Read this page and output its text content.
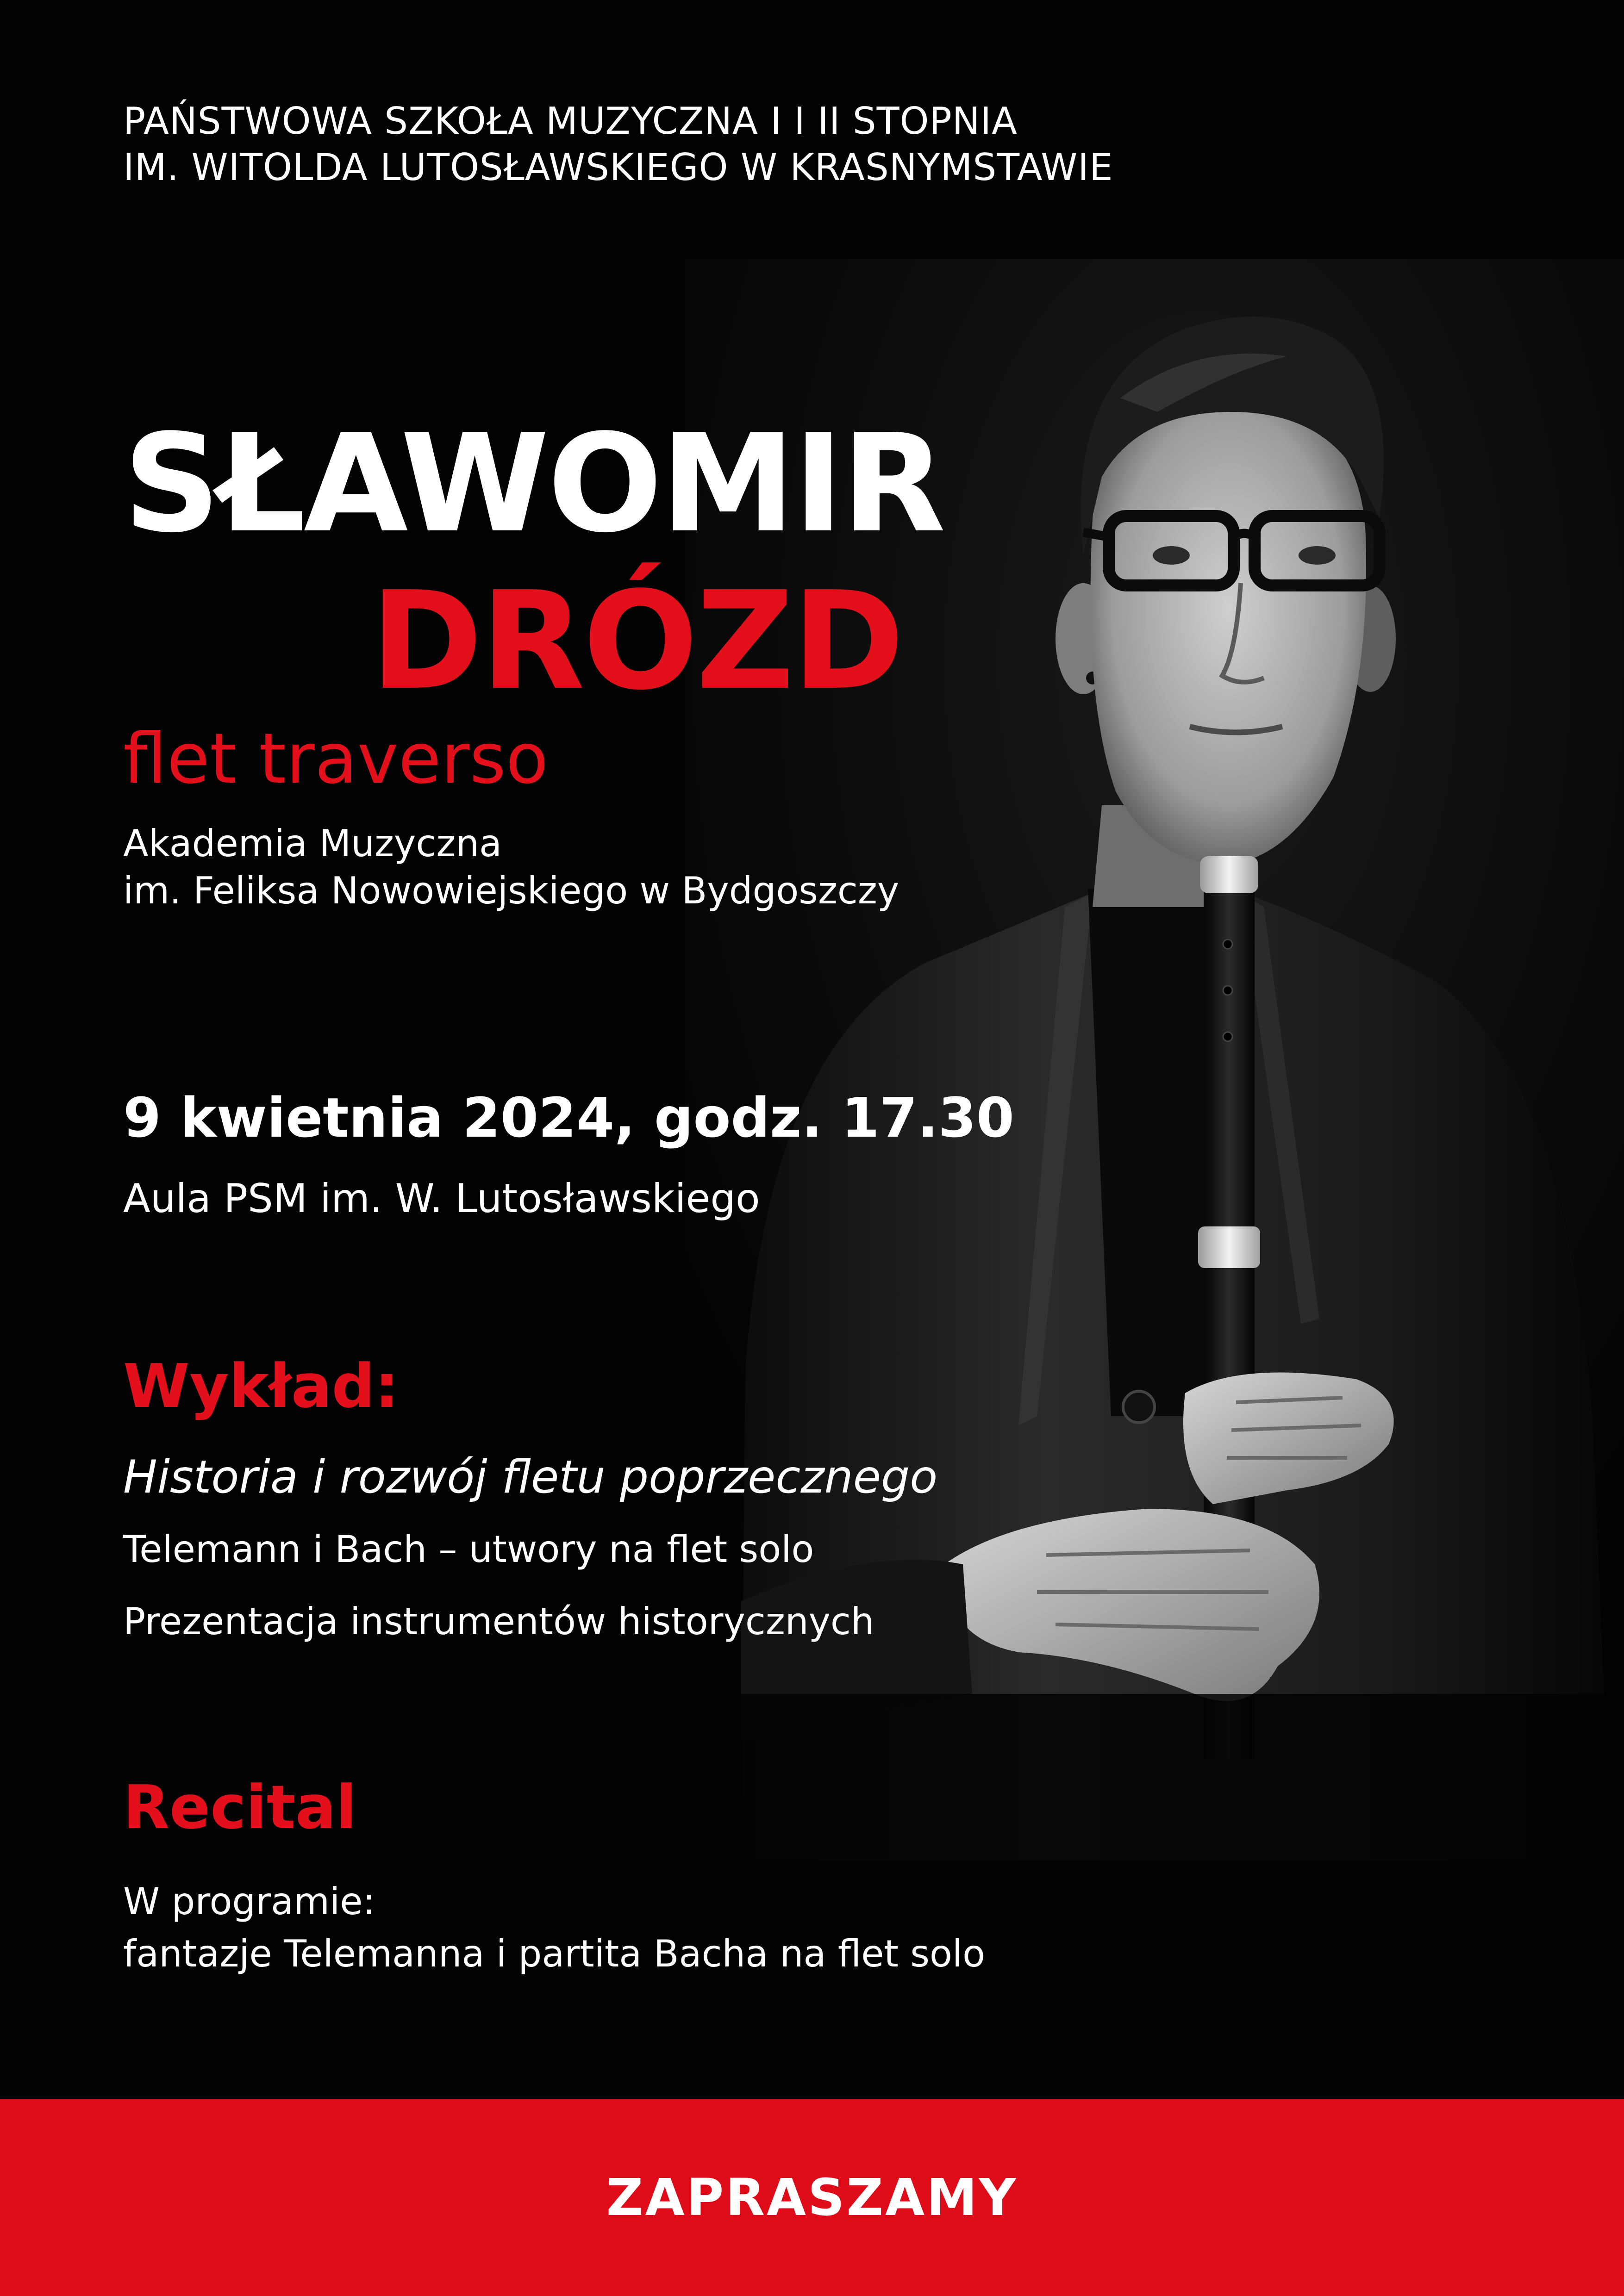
PAŃSTWOWA SZKOŁA MUZYCZNA I I II STOPNIA

IM. WITOLDA LUTOSŁAWSKIEGO W KRASNYMSTAWIE

SŁAWOMIR

DRÓZD

flet traverso

Akademia Muzyczna

im. Feliksa Nowowiejskiego w Bydgoszczy

9 kwietnia 2024, godz. 17.30

Aula PSM im. W. Lutosławskiego

Wykład:

Historia i rozwój fletu poprzecznego

Telemann i Bach – utwory na flet solo

Prezentacja instrumentów historycznych

Recital

W programie:

fantazje Telemanna i partita Bacha na flet solo

ZAPRASZAMY
